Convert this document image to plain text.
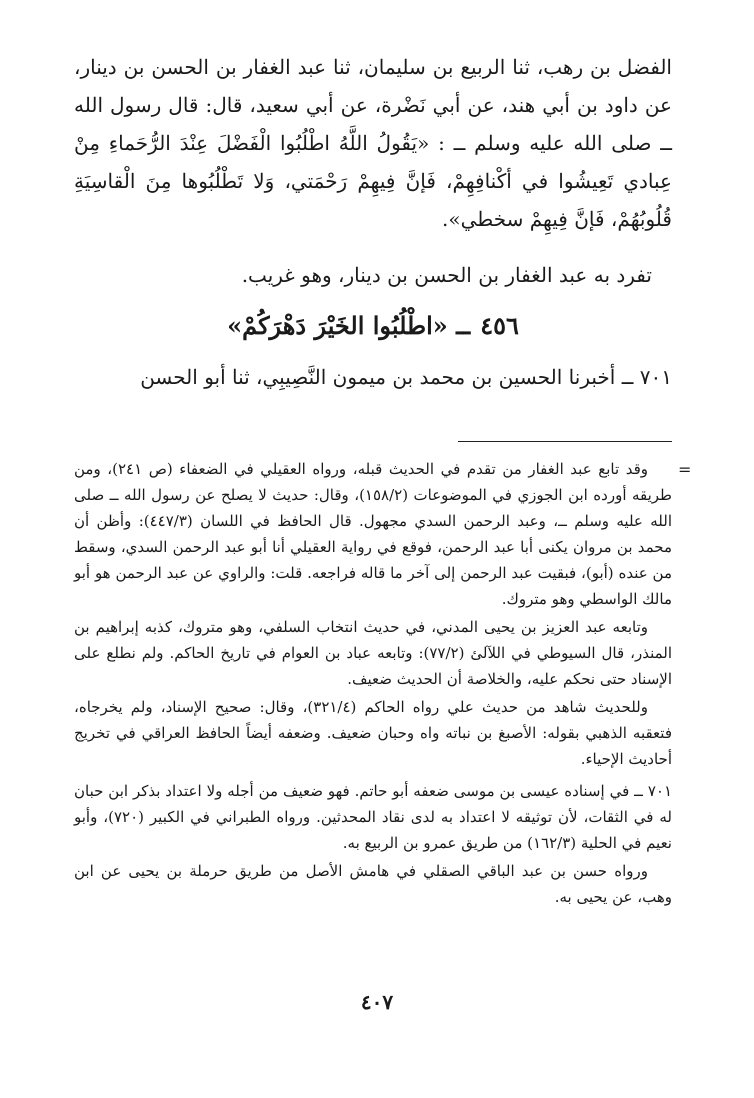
الفضل بن رهب، ثنا الربيع بن سليمان، ثنا عبد الغفار بن الحسن بن دينار، عن داود بن أبي هند، عن أبي نَضْرة، عن أبي سعيد، قال: قال رسول الله ــ صلى الله عليه وسلم ــ : «يَقُولُ اللَّهُ اطْلُبُوا الْفَضْلَ عِنْدَ الرُّحَماءِ مِنْ عِبادي تَعِيشُوا في أكْنافِهِمْ، فَإنَّ فِيهِمْ رَحْمَتي، وَلا تَطْلُبُوها مِنَ الْقاسِيَةِ قُلُوبُهُمْ، فَإنَّ فِيهِمْ سخطي».

تفرد به عبد الغفار بن الحسن بن دينار، وهو غريب.

٤٥٦ــ «اطْلُبُوا الخَيْرَ دَهْرَكُمْ»

٧٠١ ــ أخبرنا الحسين بن محمد بن ميمون النَّصِيبِي، ثنا أبو الحسن

=

وقد تابع عبد الغفار من تقدم في الحديث قبله، ورواه العقيلي في الضعفاء (ص ٢٤١)، ومن طريقه أورده ابن الجوزي في الموضوعات (١٥٨/٢)، وقال: حديث لا يصلح عن رسول الله ــ صلى الله عليه وسلم ــ، وعبد الرحمن السدي مجهول. قال الحافظ في اللسان (٤٤٧/٣): وأظن أن محمد بن مروان يكنى أبا عبد الرحمن، فوقع في رواية العقيلي أنا أبو عبد الرحمن السدي، وسقط من عنده (أبو)، فبقيت عبد الرحمن إلى آخر ما قاله فراجعه. قلت: والراوي عن عبد الرحمن هو أبو مالك الواسطي وهو متروك.

وتابعه عبد العزيز بن يحيى المدني، في حديث انتخاب السلفي، وهو متروك، كذبه إبراهيم بن المنذر، قال السيوطي في اللآلئ (٧٧/٢): وتابعه عباد بن العوام في تاريخ الحاكم. ولم نطلع على الإسناد حتى نحكم عليه، والخلاصة أن الحديث ضعيف.

وللحديث شاهد من حديث علي رواه الحاكم (٣٢١/٤)، وقال: صحيح الإسناد، ولم يخرجاه، فتعقبه الذهبي بقوله: الأصبغ بن نباته واه وحبان ضعيف. وضعفه أيضاً الحافظ العراقي في تخريج أحاديث الإحياء.

٧٠١ ــ في إسناده عيسى بن موسى ضعفه أبو حاتم. فهو ضعيف من أجله ولا اعتداد بذكر ابن حبان له في الثقات، لأن توثيقه لا اعتداد به لدى نقاد المحدثين. ورواه الطبراني في الكبير (٧٢٠)، وأبو نعيم في الحلية (١٦٢/٣) من طريق عمرو بن الربيع به.

ورواه حسن بن عبد الباقي الصقلي في هامش الأصل من طريق حرملة بن يحيى عن ابن وهب، عن يحيى به.

٤٠٧
